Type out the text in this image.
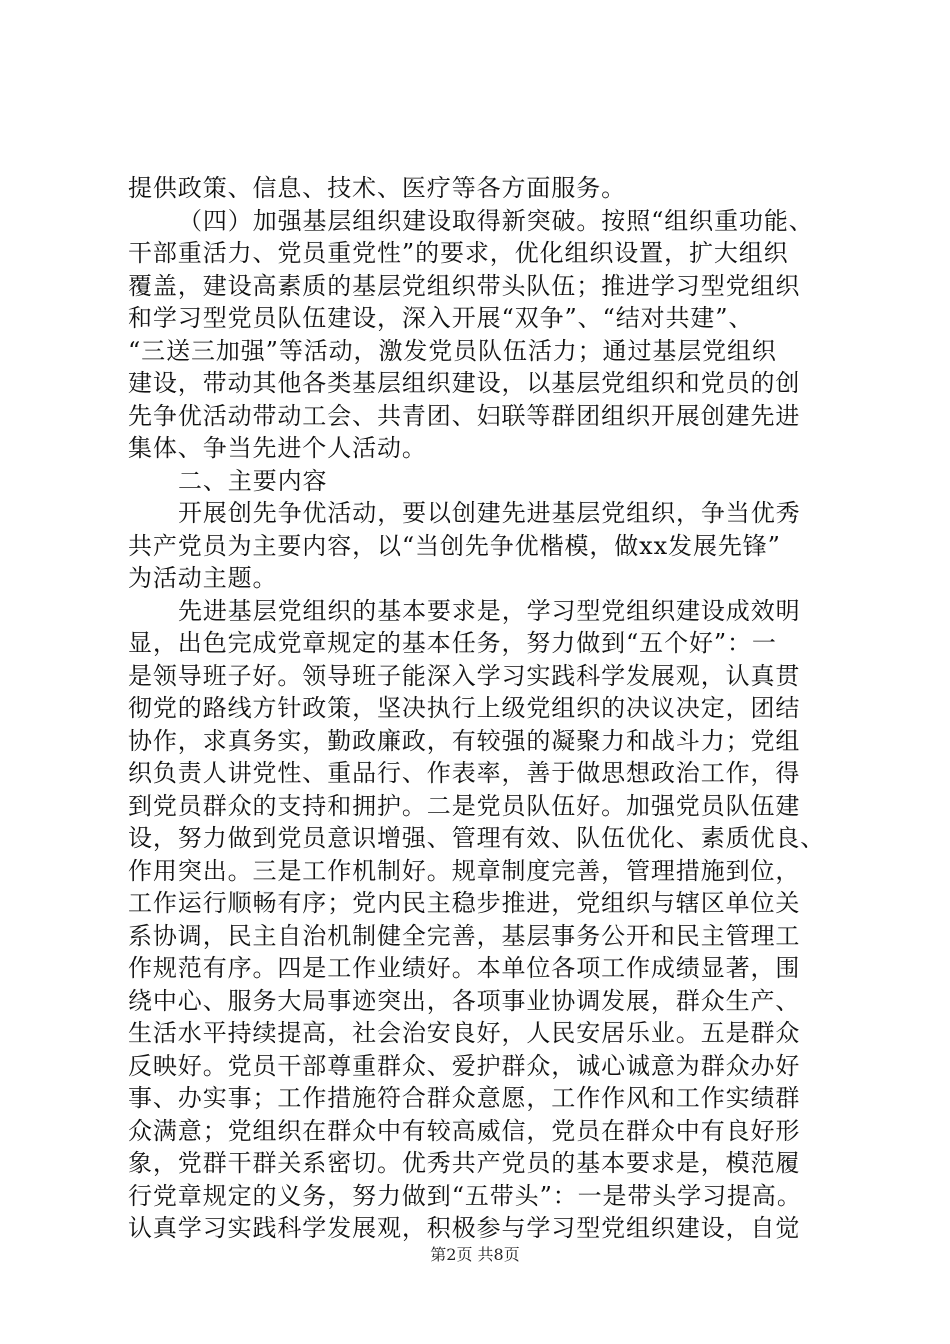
提供政策、信息、技术、医疗等各方面服务。
（四）加强基层组织建设取得新突破。按照“组织重功能、
干部重活力、党员重党性”的要求，优化组织设置，扩大组织
覆盖，建设高素质的基层党组织带头队伍；推进学习型党组织
和学习型党员队伍建设，深入开展“双争”、“结对共建”、
“三送三加强”等活动，激发党员队伍活力；通过基层党组织
建设，带动其他各类基层组织建设，以基层党组织和党员的创
先争优活动带动工会、共青团、妇联等群团组织开展创建先进
集体、争当先进个人活动。
二、主要内容
开展创先争优活动，要以创建先进基层党组织，争当优秀
共产党员为主要内容，以“当创先争优楷模，做xx发展先锋”
为活动主题。
先进基层党组织的基本要求是，学习型党组织建设成效明
显，出色完成党章规定的基本任务，努力做到“五个好”：一
是领导班子好。领导班子能深入学习实践科学发展观，认真贯
彻党的路线方针政策，坚决执行上级党组织的决议决定，团结
协作，求真务实，勤政廉政，有较强的凝聚力和战斗力；党组
织负责人讲党性、重品行、作表率，善于做思想政治工作，得
到党员群众的支持和拥护。二是党员队伍好。加强党员队伍建
设，努力做到党员意识增强、管理有效、队伍优化、素质优良、
作用突出。三是工作机制好。规章制度完善，管理措施到位，
工作运行顺畅有序；党内民主稳步推进，党组织与辖区单位关
系协调，民主自治机制健全完善，基层事务公开和民主管理工
作规范有序。四是工作业绩好。本单位各项工作成绩显著，围
绕中心、服务大局事迹突出，各项事业协调发展，群众生产、
生活水平持续提高，社会治安良好，人民安居乐业。五是群众
反映好。党员干部尊重群众、爱护群众，诚心诚意为群众办好
事、办实事；工作措施符合群众意愿，工作作风和工作实绩群
众满意；党组织在群众中有较高威信，党员在群众中有良好形
象，党群干群关系密切。优秀共产党员的基本要求是，模范履
行党章规定的义务，努力做到“五带头”：一是带头学习提高。
认真学习实践科学发展观，积极参与学习型党组织建设，自觉
第2页 共8页
